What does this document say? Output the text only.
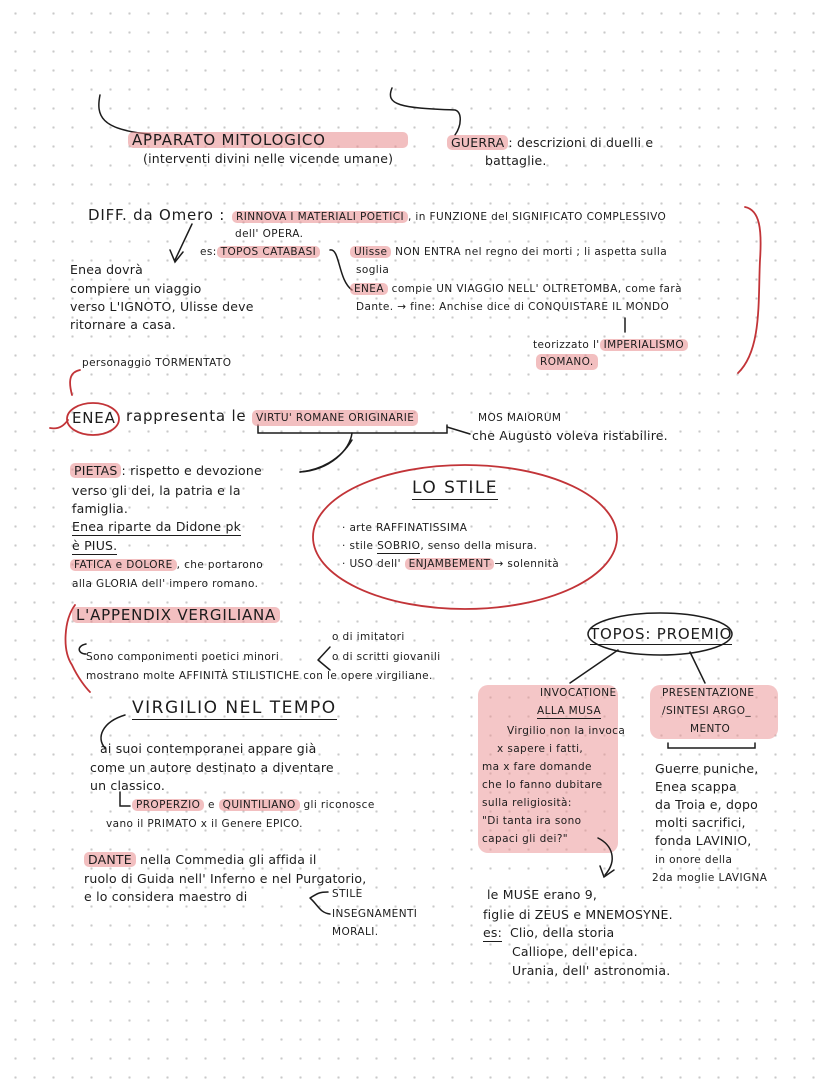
APPARATO MITOLOGICO
(interventi divini nelle vicende umane)
GUERRA : descrizioni di duelli e
battaglie.
DIFF. da Omero :	RINNOVA I MATERIALI POETICI , in FUNZIONE del SIGNIFICATO COMPLESSIVO
dell' OPERA.
es: TOPOS CATABASI	Ulisse NON ENTRA nel regno dei morti ; li aspetta sulla
soglia
ENEA compie UN VIAGGIO NELL' OLTRETOMBA, come farà
Dante. → fine: Anchise dice di CONQUISTARE IL MONDO
Enea dovrà
compiere un viaggio
verso L'IGNOTO, Ulisse deve
ritornare a casa.
teorizzato l' IMPERIALISMO
ROMANO.
personaggio TORMENTATO
ENEA rappresenta le VIRTU' ROMANE ORIGINARIE	MOS MAIORUM
che Augusto voleva ristabilire.
PIETAS : rispetto e devozione
verso gli dei, la patria e la
famiglia.
Enea riparte da Didone pk
è PIUS.
FATICA e DOLORE , che portarono
alla GLORIA dell' impero romano.
LO STILE
· arte RAFFINATISSIMA
· stile SOBRIO, senso della misura.
· USO dell' ENJAMBEMENT → solennità
L'APPENDIX VERGILIANA
o di imitatori
Sono componimenti poetici minori	o di scritti giovanili
mostrano molte AFFINITÀ STILISTICHE con le opere virgiliane.
TOPOS: PROEMIO
INVOCATIONE
ALLA MUSA
Virgilio non la invoca
x sapere i fatti,
ma x fare domande
che lo fanno dubitare
sulla religiosità:
"Di tanta ira sono
capaci gli dei?"
PRESENTAZIONE
/SINTESI ARGO_
MENTO
Guerre puniche,
Enea scappa
da Troia e, dopo
molti sacrifici,
fonda LAVINIO,
in onore della
2da moglie LAVIGNA
le MUSE erano 9,
figlie di ZEUS e MNEMOSYNE.
es: Clio, della storia
Calliope, dell'epica.
Urania, dell' astronomia.
VIRGILIO NEL TEMPO
ai suoi contemporanei appare già
come un autore destinato a diventare
un classico.
PROPERZIO e QUINTILIANO gli riconosce
vano il PRIMATO x il Genere EPICO.
DANTE nella Commedia gli affida il
ruolo di Guida nell' Inferno e nel Purgatorio,
e lo considera maestro di	STILE
INSEGNAMENTI
MORALI.
